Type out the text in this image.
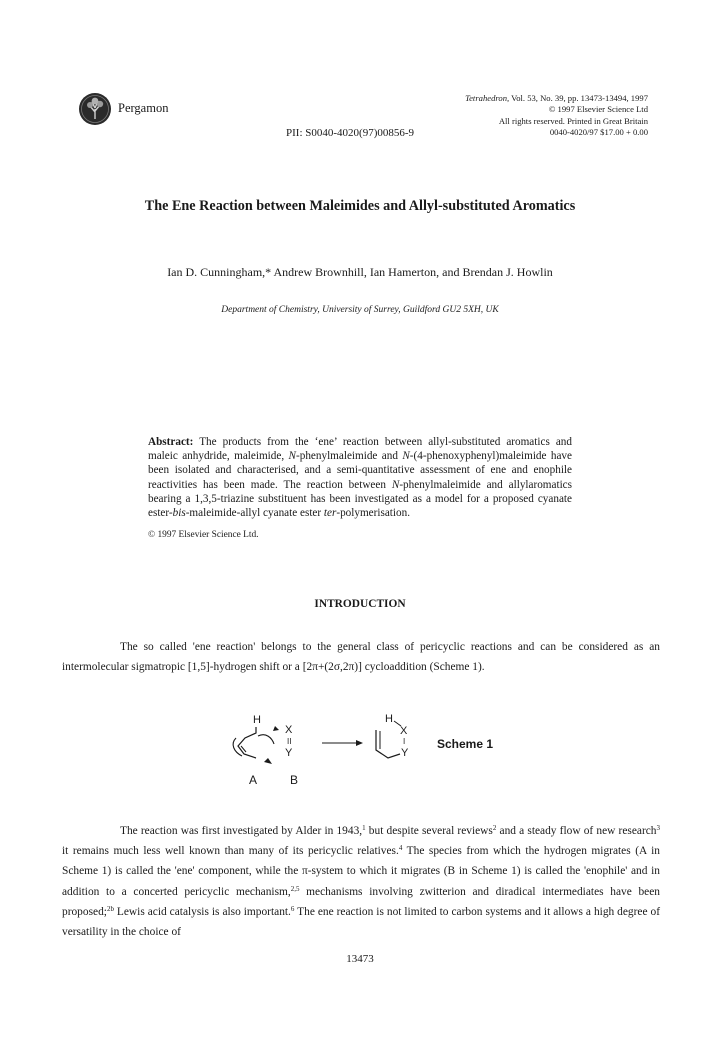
Pergamon
Tetrahedron, Vol. 53, No. 39, pp. 13473-13494, 1997
© 1997 Elsevier Science Ltd
All rights reserved. Printed in Great Britain
0040-4020/97 $17.00 + 0.00
PII: S0040-4020(97)00856-9
The Ene Reaction between Maleimides and Allyl-substituted Aromatics
Ian D. Cunningham,* Andrew Brownhill, Ian Hamerton, and Brendan J. Howlin
Department of Chemistry, University of Surrey, Guildford GU2 5XH, UK
Abstract: The products from the ‘ene’ reaction between allyl-substituted aromatics and maleic anhydride, maleimide, N-phenylmaleimide and N-(4-phenoxyphenyl)maleimide have been isolated and characterised, and a semi-quantitative assessment of ene and enophile reactivities has been made. The reaction between N-phenylmaleimide and allylaromatics bearing a 1,3,5-triazine substituent has been investigated as a model for a proposed cyanate ester-bis-maleimide-allyl cyanate ester ter-polymerisation.
© 1997 Elsevier Science Ltd.
INTRODUCTION
The so called 'ene reaction' belongs to the general class of pericyclic reactions and can be considered as an intermolecular sigmatropic [1,5]-hydrogen shift or a [2π+(2σ,2π)] cycloaddition (Scheme 1).
H
X
II
Y
A	B
H
X
I
Y
Scheme 1
The reaction was first investigated by Alder in 1943,$^1$ but despite several reviews$^2$ and a steady flow of new research$^3$ it remains much less well known than many of its pericyclic relatives.$^4$ The species from which the hydrogen migrates (A in Scheme 1) is called the 'ene' component, while the π-system to which it migrates (B in Scheme 1) is called the 'enophile' and in addition to a concerted pericyclic mechanism,$^{2,5}$ mechanisms involving zwitterion and diradical intermediates have been proposed;$^{2b}$ Lewis acid catalysis is also important.$^6$ The ene reaction is not limited to carbon systems and it allows a high degree of versatility in the choice of
13473
